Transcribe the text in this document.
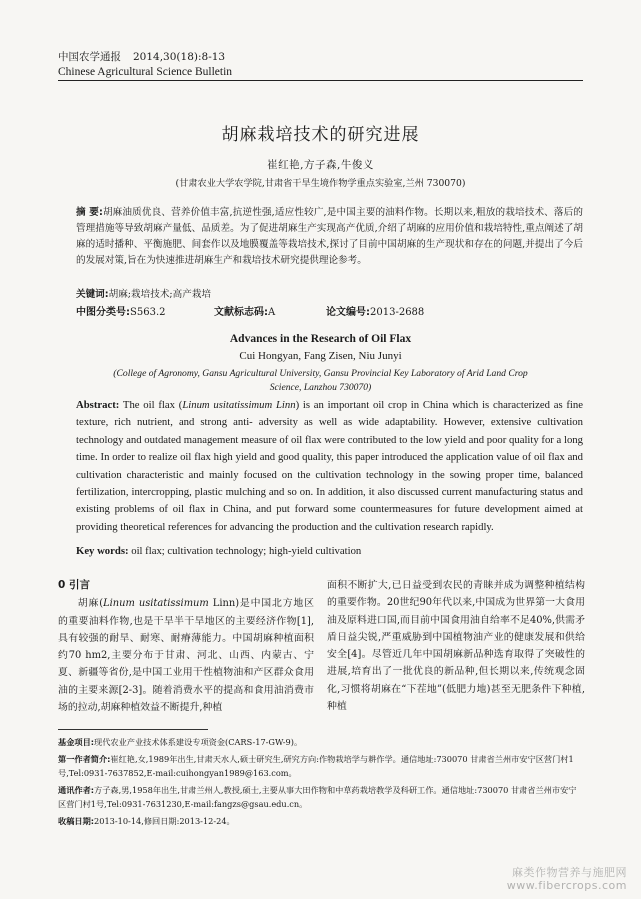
中国农学通报 2014,30(18):8-13
Chinese Agricultural Science Bulletin
胡麻栽培技术的研究进展
崔红艳,方子森,牛俊义
(甘肃农业大学农学院,甘肃省干旱生境作物学重点实验室,兰州 730070)
摘 要:胡麻油质优良、营养价值丰富,抗逆性强,适应性较广,是中国主要的油料作物。长期以来,粗放的栽培技术、落后的管理措施等导致胡麻产量低、品质差。为了促进胡麻生产实现高产优质,介绍了胡麻的应用价值和栽培特性,重点阐述了胡麻的适时播种、平衡施肥、间套作以及地膜覆盖等栽培技术,探讨了目前中国胡麻的生产现状和存在的问题,并提出了今后的发展对策,旨在为快速推进胡麻生产和栽培技术研究提供理论参考。
关键词:胡麻;栽培技术;高产栽培
中图分类号:S563.2	文献标志码:A	论文编号:2013-2688
Advances in the Research of Oil Flax
Cui Hongyan, Fang Zisen, Niu Junyi
(College of Agronomy, Gansu Agricultural University, Gansu Provincial Key Laboratory of Arid Land Crop Science, Lanzhou 730070)
Abstract: The oil flax (Linum usitatissimum Linn) is an important oil crop in China which is characterized as fine texture, rich nutrient, and strong anti- adversity as well as wide adaptability. However, extensive cultivation technology and outdated management measure of oil flax were contributed to the low yield and poor quality for a long time. In order to realize oil flax high yield and good quality, this paper introduced the application value of oil flax and cultivation characteristic and mainly focused on the cultivation technology in the sowing proper time, balanced fertilization, intercropping, plastic mulching and so on. In addition, it also discussed current manufacturing status and existing problems of oil flax in China, and put forward some countermeasures for future development aimed at providing theoretical references for advancing the production and the cultivation research rapidly.
Key words: oil flax; cultivation technology; high-yield cultivation
0 引言
胡麻(Linum usitatissimum Linn)是中国北方地区的重要油料作物,也是干旱半干旱地区的主要经济作物[1],具有较强的耐旱、耐寒、耐瘠薄能力。中国胡麻种植面积约70 hm2,主要分布于甘肃、河北、山西、内蒙古、宁夏、新疆等省份,是中国工业用干性植物油和产区群众食用油的主要来源[2-3]。随着消费水平的提高和食用油消费市场的拉动,胡麻种植效益不断提升,种植
面积不断扩大,已日益受到农民的青睐并成为调整种植结构的重要作物。20世纪90年代以来,中国成为世界第一大食用油及原料进口国,而目前中国食用油自给率不足40%,供需矛盾日益尖锐,严重威胁到中国植物油产业的健康发展和供给安全[4]。尽管近几年中国胡麻新品种选育取得了突破性的进展,培育出了一批优良的新品种,但长期以来,传统观念固化,习惯将胡麻在“下茬地”(低肥力地)甚至无肥条件下种植,种植
基金项目:现代农业产业技术体系建设专项资金(CARS-17-GW-9)。
第一作者简介:崔红艳,女,1989年出生,甘肃天水人,硕士研究生,研究方向:作物栽培学与耕作学。通信地址:730070 甘肃省兰州市安宁区营门村1号,Tel:0931-7637852,E-mail:cuihongyan1989@163.com。
通讯作者:方子森,男,1958年出生,甘肃兰州人,教授,硕士,主要从事大田作物和中草药栽培教学及科研工作。通信地址:730070 甘肃省兰州市安宁区营门村1号,Tel:0931-7631230,E-mail:fangzs@gsau.edu.cn。
收稿日期:2013-10-14,修回日期:2013-12-24。
麻类作物营养与施肥网
www.fibercrops.com
